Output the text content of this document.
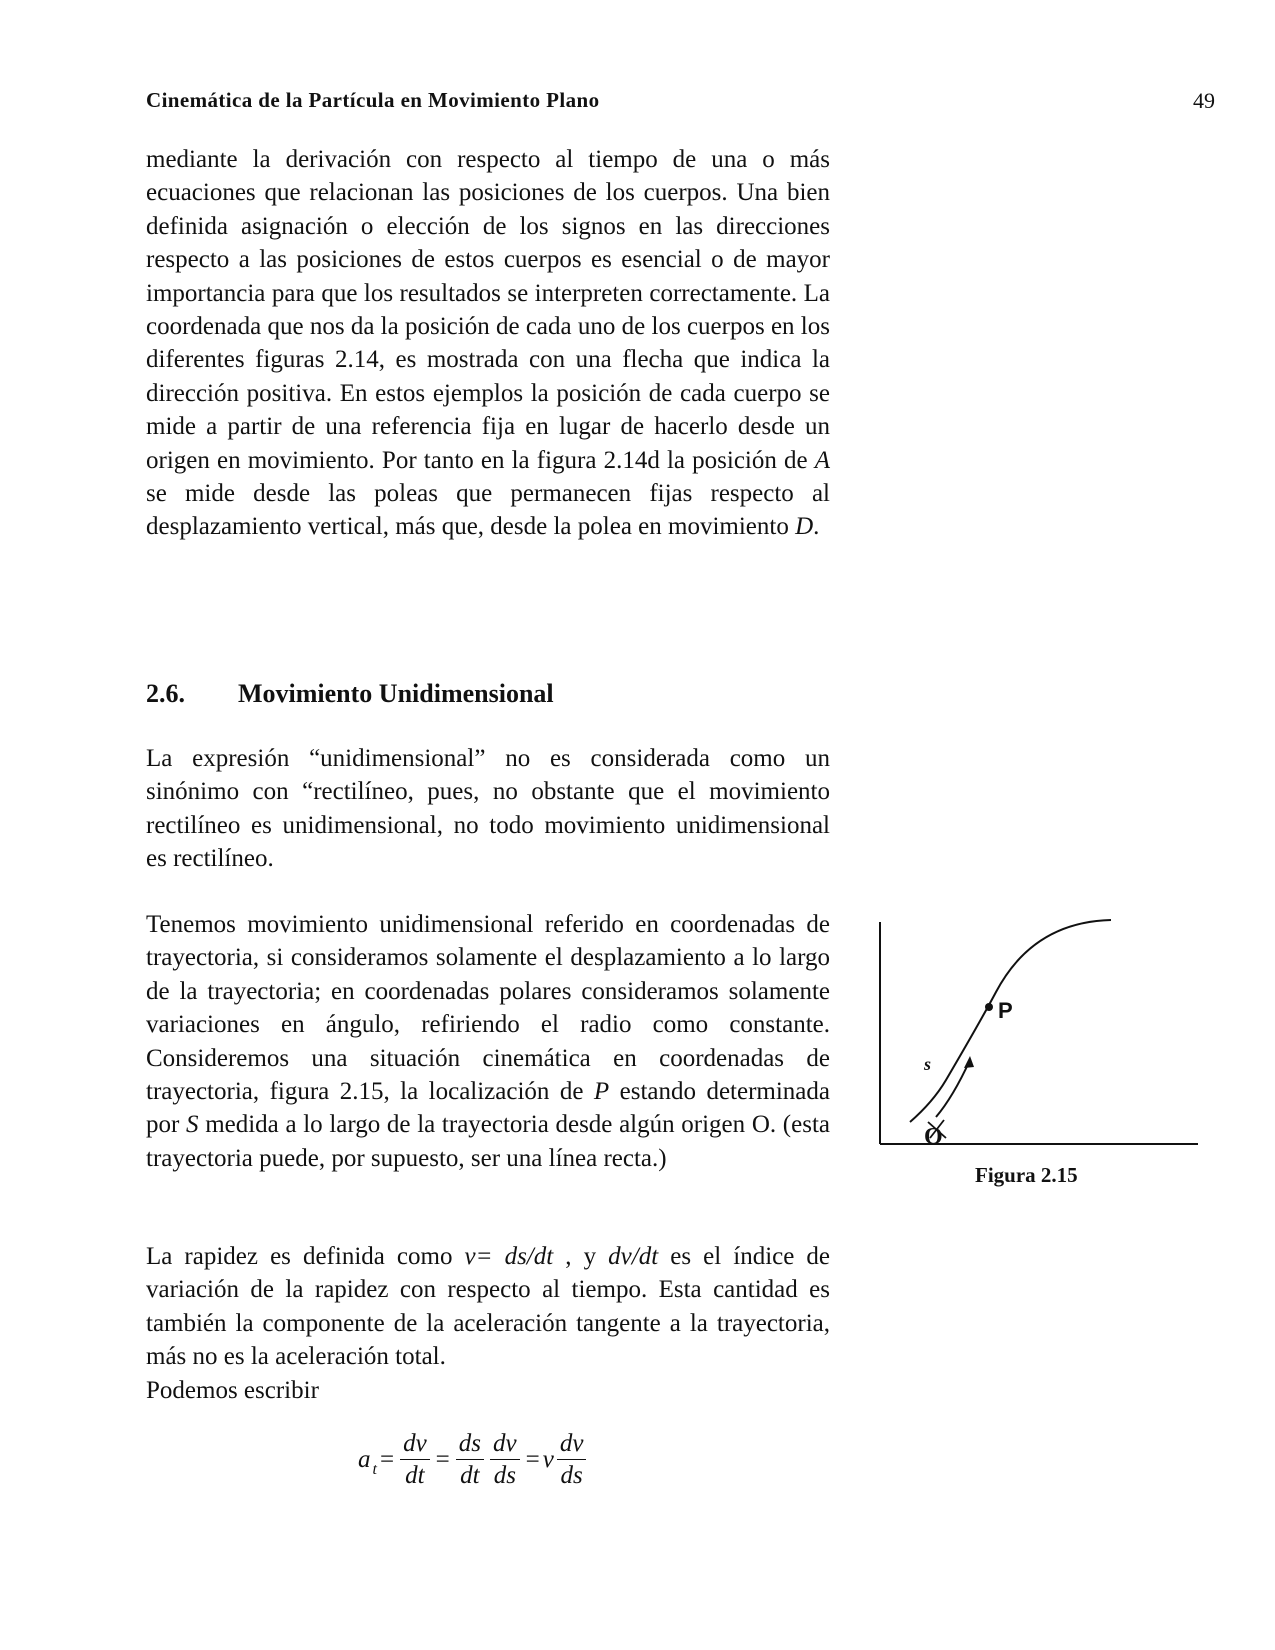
Cinemática de la Partícula en Movimiento Plano	49

mediante la derivación con respecto al tiempo de una o más ecuaciones que relacionan las posiciones de los cuerpos. Una bien definida asignación o elección de los signos en las direcciones respecto a las posiciones de estos cuerpos es esencial o de mayor importancia para que los resultados se interpreten correctamente. La coordenada que nos da la posición de cada uno de los cuerpos en los diferentes figuras 2.14, es mostrada con una flecha que indica la dirección positiva. En estos ejemplos la posición de cada cuerpo se mide a partir de una referencia fija en lugar de hacerlo desde un origen en movimiento. Por tanto en la figura 2.14d la posición de A se mide desde las poleas que permanecen fijas respecto al desplazamiento vertical, más que, desde la polea en movimiento D.

2.6. Movimiento Unidimensional

La expresión “unidimensional” no es considerada como un sinónimo con “rectilíneo, pues, no obstante que el movimiento rectilíneo es unidimensional, no todo movimiento unidimensional es rectilíneo.

Tenemos movimiento unidimensional referido en coordenadas de trayectoria, si consideramos solamente el desplazamiento a lo largo de la trayectoria; en coordenadas polares consideramos solamente variaciones en ángulo, refiriendo el radio como constante. Consideremos una situación cinemática en coordenadas de trayectoria, figura 2.15, la localización de P estando determinada por S medida a lo largo de la trayectoria desde algún origen O. (esta trayectoria puede, por supuesto, ser una línea recta.)

P
s
O
Figura 2.15

La rapidez es definida como v= ds/dt , y dv/dt es el índice de variación de la rapidez con respecto al tiempo. Esta cantidad es también la componente de la aceleración tangente a la trayectoria, más no es la aceleración total.
Podemos escribir

a $t = \frac{dv}{dt} = \frac{ds}{dt} \frac{dv}{ds} = v \frac{dv}{ds}$
